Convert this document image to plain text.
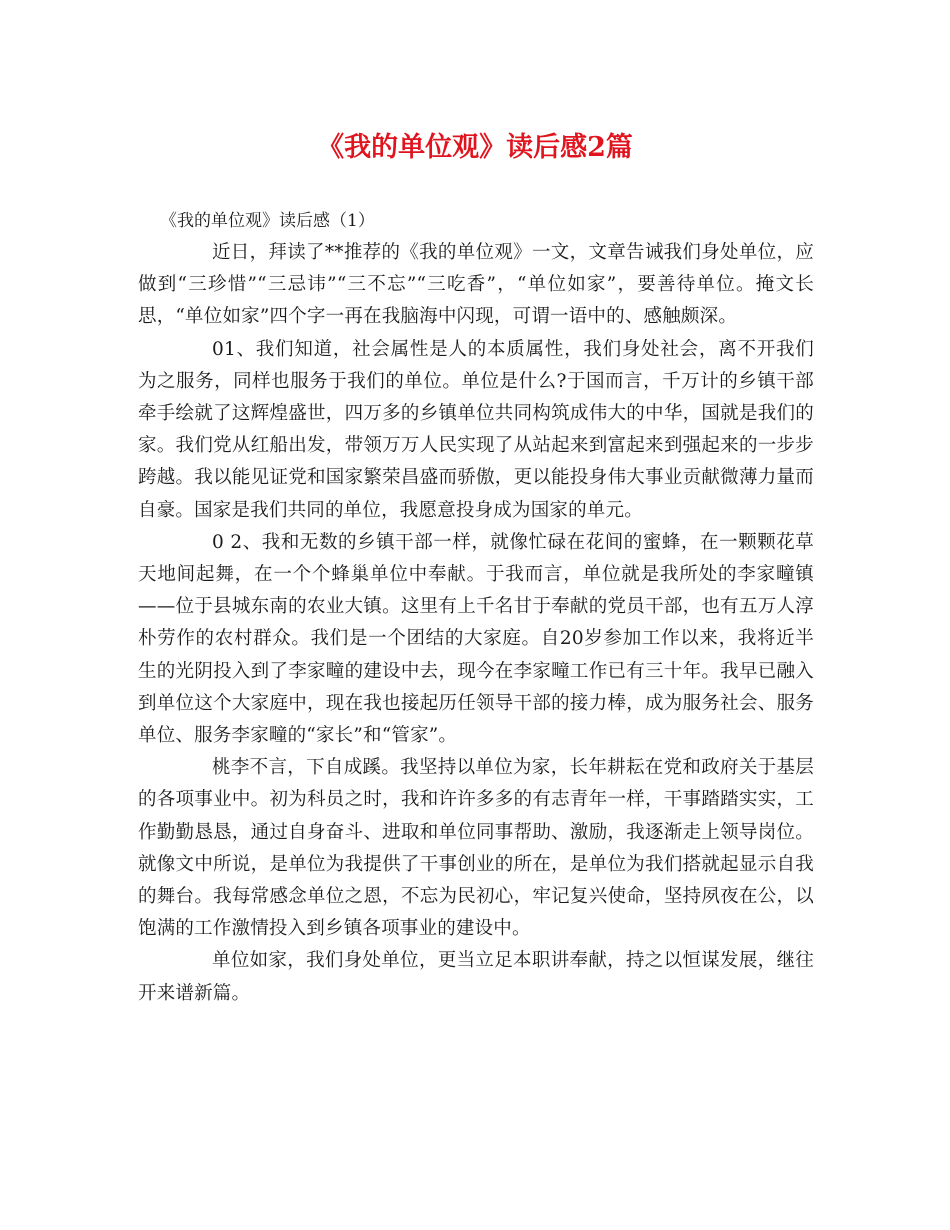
《我的单位观》读后感2篇

《我的单位观》读后感（1）

近日，拜读了**推荐的《我的单位观》一文，文章告诫我们身处单位，应做到“三珍惜”“三忌讳”“三不忘”“三吃香”，“单位如家”，要善待单位。掩文长思，“单位如家”四个字一再在我脑海中闪现，可谓一语中的、感触颇深。

01、我们知道，社会属性是人的本质属性，我们身处社会，离不开我们为之服务，同样也服务于我们的单位。单位是什么?于国而言，千万计的乡镇干部牵手绘就了这辉煌盛世，四万多的乡镇单位共同构筑成伟大的中华，国就是我们的家。我们党从红船出发，带领万万人民实现了从站起来到富起来到强起来的一步步跨越。我以能见证党和国家繁荣昌盛而骄傲，更以能投身伟大事业贡献微薄力量而自豪。国家是我们共同的单位，我愿意投身成为国家的单元。

0 2、我和无数的乡镇干部一样，就像忙碌在花间的蜜蜂，在一颗颗花草天地间起舞，在一个个蜂巢单位中奉献。于我而言，单位就是我所处的李家疃镇——位于县城东南的农业大镇。这里有上千名甘于奉献的党员干部，也有五万人淳朴劳作的农村群众。我们是一个团结的大家庭。自20岁参加工作以来，我将近半生的光阴投入到了李家疃的建设中去，现今在李家疃工作已有三十年。我早已融入到单位这个大家庭中，现在我也接起历任领导干部的接力棒，成为服务社会、服务单位、服务李家疃的“家长”和“管家”。

桃李不言，下自成蹊。我坚持以单位为家，长年耕耘在党和政府关于基层的各项事业中。初为科员之时，我和许许多多的有志青年一样，干事踏踏实实，工作勤勤恳恳，通过自身奋斗、进取和单位同事帮助、激励，我逐渐走上领导岗位。就像文中所说，是单位为我提供了干事创业的所在，是单位为我们搭就起显示自我的舞台。我每常感念单位之恩，不忘为民初心，牢记复兴使命，坚持夙夜在公，以饱满的工作激情投入到乡镇各项事业的建设中。

单位如家，我们身处单位，更当立足本职讲奉献，持之以恒谋发展，继往开来谱新篇。
